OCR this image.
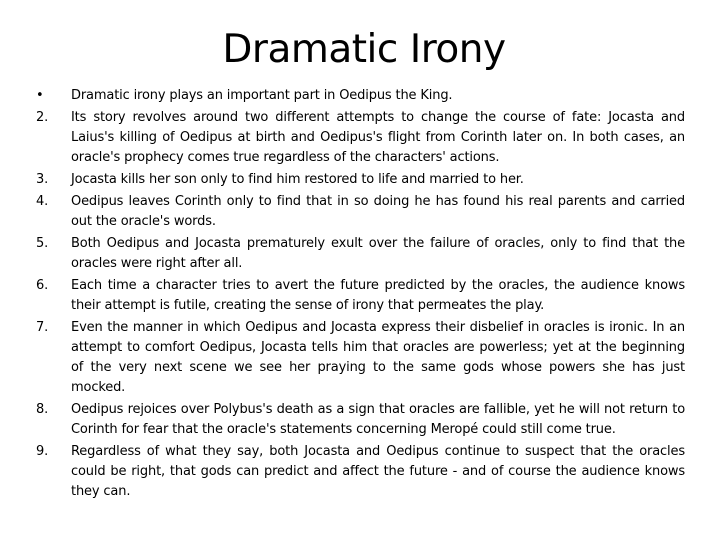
Dramatic Irony
•	Dramatic irony plays an important part in Oedipus the King.
2.	Its story revolves around two different attempts to change the course of fate: Jocasta and Laius's killing of Oedipus at birth and Oedipus's flight from Corinth later on. In both cases, an oracle's prophecy comes true regardless of the characters' actions.
3.	Jocasta kills her son only to find him restored to life and married to her.
4.	Oedipus leaves Corinth only to find that in so doing he has found his real parents and carried out the oracle's words.
5.	Both Oedipus and Jocasta prematurely exult over the failure of oracles, only to find that the oracles were right after all.
6.	Each time a character tries to avert the future predicted by the oracles, the audience knows their attempt is futile, creating the sense of irony that permeates the play.
7.	Even the manner in which Oedipus and Jocasta express their disbelief in oracles is ironic. In an attempt to comfort Oedipus, Jocasta tells him that oracles are powerless; yet at the beginning of the very next scene we see her praying to the same gods whose powers she has just mocked.
8.	Oedipus rejoices over Polybus's death as a sign that oracles are fallible, yet he will not return to Corinth for fear that the oracle's statements concerning Meropé could still come true.
9.	Regardless of what they say, both Jocasta and Oedipus continue to suspect that the oracles could be right, that gods can predict and affect the future - and of course the audience knows they can.
